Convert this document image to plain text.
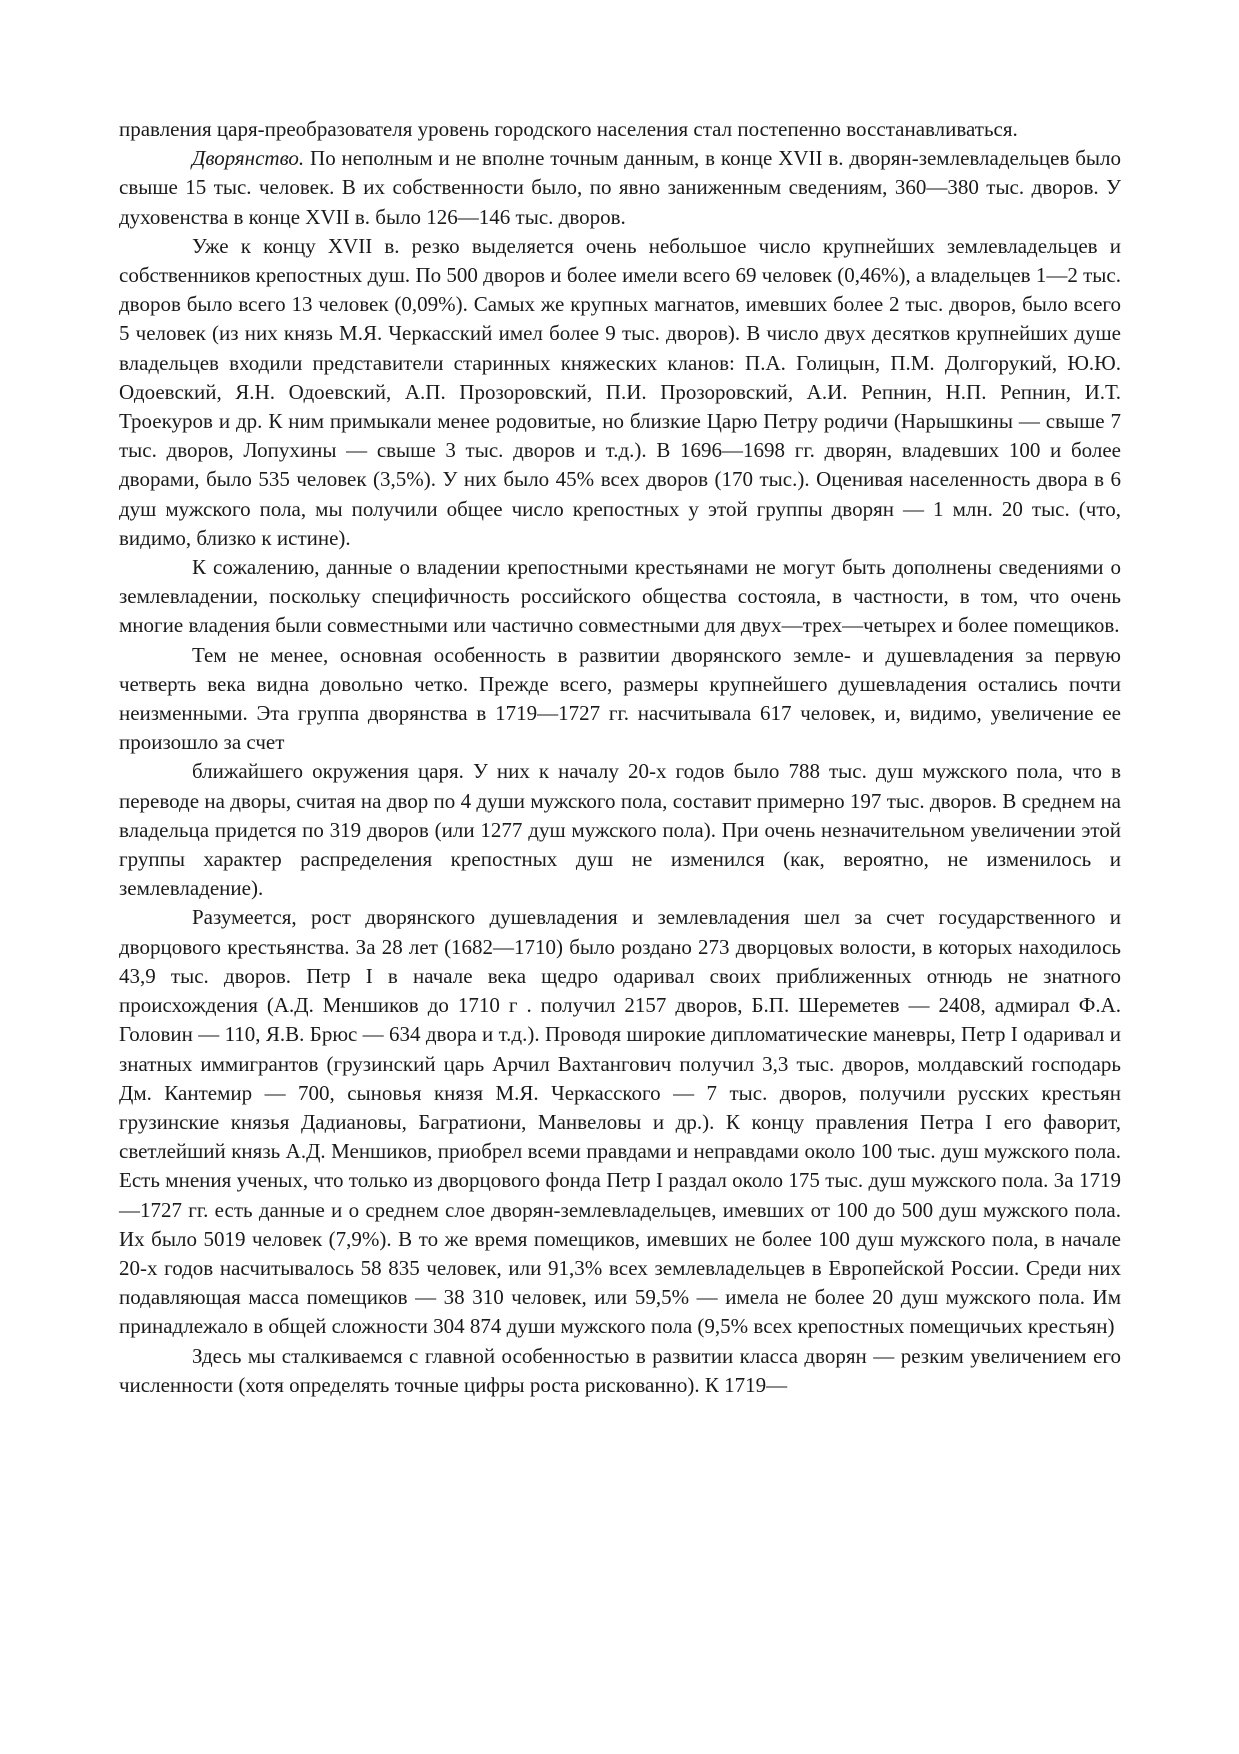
правления царя-преобразователя уровень городского населения стал постепенно восстанавливаться.

Дворянство. По неполным и не вполне точным данным, в конце XVII в. дворян-землевладельцев было свыше 15 тыс. человек. В их собственности было, по явно заниженным сведениям, 360—380 тыс. дворов. У духовенства в конце XVII в. было 126—146 тыс. дворов.

Уже к концу XVII в. резко выделяется очень небольшое число крупнейших землевладельцев и собственников крепостных душ. По 500 дворов и более имели всего 69 человек (0,46%), а владельцев 1—2 тыс. дворов было всего 13 человек (0,09%). Самых же крупных магнатов, имевших более 2 тыс. дворов, было всего 5 человек (из них князь М.Я. Черкасский имел более 9 тыс. дворов). В число двух десятков крупнейших душе владельцев входили представители старинных княжеских кланов: П.А. Голицын, П.М. Долгорукий, Ю.Ю. Одоевский, Я.Н. Одоевский, А.П. Прозоровский, П.И. Прозоровский, А.И. Репнин, Н.П. Репнин, И.Т. Троекуров и др. К ним примыкали менее родовитые, но близкие Царю Петру родичи (Нарышкины — свыше 7 тыс. дворов, Лопухины — свыше 3 тыс. дворов и т.д.). В 1696—1698 гг. дворян, владевших 100 и более дворами, было 535 человек (3,5%). У них было 45% всех дворов (170 тыс.). Оценивая населенность двора в 6 душ мужского пола, мы получили общее число крепостных у этой группы дворян — 1 млн. 20 тыс. (что, видимо, близко к истине).

К сожалению, данные о владении крепостными крестьянами не могут быть дополнены сведениями о землевладении, поскольку специфичность российского общества состояла, в частности, в том, что очень многие владения были совместными или частично совместными для двух—трех—четырех и более помещиков.

Тем не менее, основная особенность в развитии дворянского земле- и душевладения за первую четверть века видна довольно четко. Прежде всего, размеры крупнейшего душевладения остались почти неизменными. Эта группа дворянства в 1719—1727 гг. насчитывала 617 человек, и, видимо, увеличение ее произошло за счет

ближайшего окружения царя. У них к началу 20-х годов было 788 тыс. душ мужского пола, что в переводе на дворы, считая на двор по 4 души мужского пола, составит примерно 197 тыс. дворов. В среднем на владельца придется по 319 дворов (или 1277 душ мужского пола). При очень незначительном увеличении этой группы характер распределения крепостных душ не изменился (как, вероятно, не изменилось и землевладение).

Разумеется, рост дворянского душевладения и землевладения шел за счет государственного и дворцового крестьянства. За 28 лет (1682—1710) было роздано 273 дворцовых волости, в которых находилось 43,9 тыс. дворов. Петр I в начале века щедро одаривал своих приближенных отнюдь не знатного происхождения (А.Д. Меншиков до 1710 г . получил 2157 дворов, Б.П. Шереметев — 2408, адмирал Ф.А. Головин — 110, Я.В. Брюс — 634 двора и т.д.). Проводя широкие дипломатические маневры, Петр I одаривал и знатных иммигрантов (грузинский царь Арчил Вахтангович получил 3,3 тыс. дворов, молдавский господарь Дм. Кантемир — 700, сыновья князя М.Я. Черкасского — 7 тыс. дворов, получили русских крестьян грузинские князья Дадиановы, Багратиони, Манвеловы и др.). К концу правления Петра I его фаворит, светлейший князь А.Д. Меншиков, приобрел всеми правдами и неправдами около 100 тыс. душ мужского пола. Есть мнения ученых, что только из дворцового фонда Петр I раздал около 175 тыс. душ мужского пола. За 1719—1727 гг. есть данные и о среднем слое дворян-землевладельцев, имевших от 100 до 500 душ мужского пола. Их было 5019 человек (7,9%). В то же время помещиков, имевших не более 100 душ мужского пола, в начале 20-х годов насчитывалось 58 835 человек, или 91,3% всех землевладельцев в Европейской России. Среди них подавляющая масса помещиков — 38 310 человек, или 59,5% — имела не более 20 душ мужского пола. Им принадлежало в общей сложности 304 874 души мужского пола (9,5% всех крепостных помещичьих крестьян)

Здесь мы сталкиваемся с главной особенностью в развитии класса дворян — резким увеличением его численности (хотя определять точные цифры роста рискованно). К 1719—
